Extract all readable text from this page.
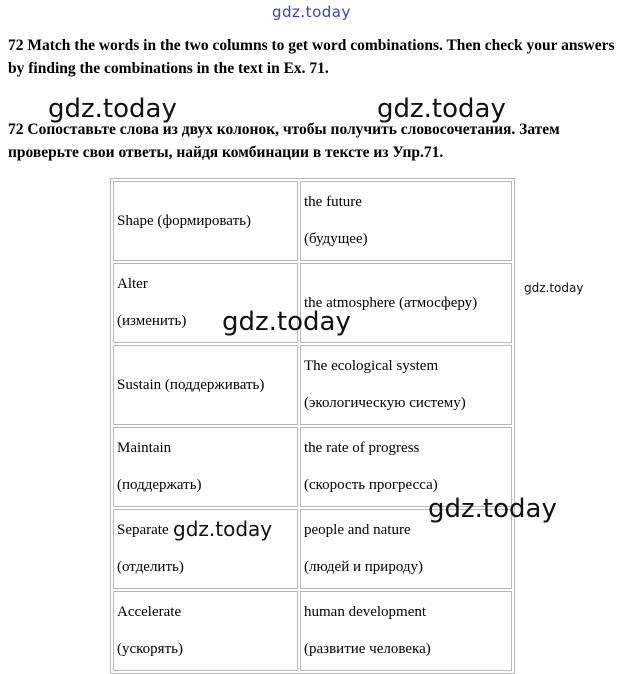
gdz.today
72 Match the words in the two columns to get word combinations. Then check your answers by finding the combinations in the text in Ex. 71.
72 Сопоставьте слова из двух колонок, чтобы получить словосочетания. Затем проверьте свои ответы, найдя комбинации в тексте из Упр.71.
Shape (формировать)	the future
(будущее)

Alter
(изменить)	the atmosphere (атмосферу)

Sustain (поддерживать)	The ecological system
(экологическую систему)

Maintain
(поддержать)	the rate of progress
(скорость прогресса)

Separate
(отделить)	people and nature
(людей и природу)

Accelerate
(ускорять)	human development
(развитие человека)
gdz.today	gdz.today
gdz.today
gdz.today
gdz.today
gdz.today
